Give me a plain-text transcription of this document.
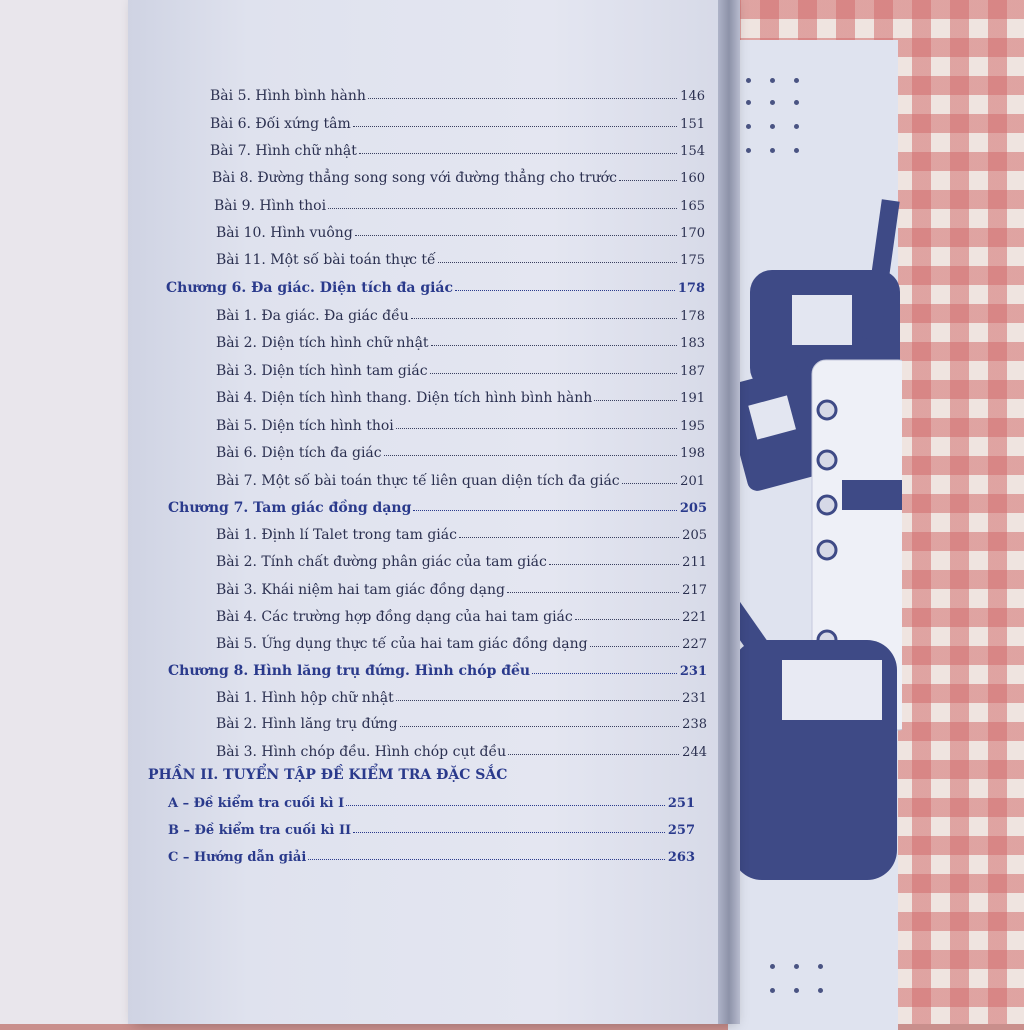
Bài 5. Hình bình hành	146
Bài 6. Đối xứng tâm	151
Bài 7. Hình chữ nhật	154
Bài 8. Đường thẳng song song với đường thẳng cho trước	160
Bài 9. Hình thoi	165
Bài 10. Hình vuông	170
Bài 11. Một số bài toán thực tế	175
Chương 6. Đa giác. Diện tích đa giác	178
Bài 1. Đa giác. Đa giác đều	178
Bài 2. Diện tích hình chữ nhật	183
Bài 3. Diện tích hình tam giác	187
Bài 4. Diện tích hình thang. Diện tích hình bình hành	191
Bài 5. Diện tích hình thoi	195
Bài 6. Diện tích đa giác	198
Bài 7. Một số bài toán thực tế liên quan diện tích đa giác	201
Chương 7. Tam giác đồng dạng	205
Bài 1. Định lí Talet trong tam giác	205
Bài 2. Tính chất đường phân giác của tam giác	211
Bài 3. Khái niệm hai tam giác đồng dạng	217
Bài 4. Các trường hợp đồng dạng của hai tam giác	221
Bài 5. Ứng dụng thực tế của hai tam giác đồng dạng	227
Chương 8. Hình lăng trụ đứng. Hình chóp đều	231
Bài 1. Hình hộp chữ nhật	231
Bài 2. Hình lăng trụ đứng	238
Bài 3. Hình chóp đều. Hình chóp cụt đều	244
PHẦN II. TUYỂN TẬP ĐỀ KIỂM TRA ĐẶC SẮC
A – Đề kiểm tra cuối kì I	251
B – Đề kiểm tra cuối kì II	257
C – Hướng dẫn giải	263
